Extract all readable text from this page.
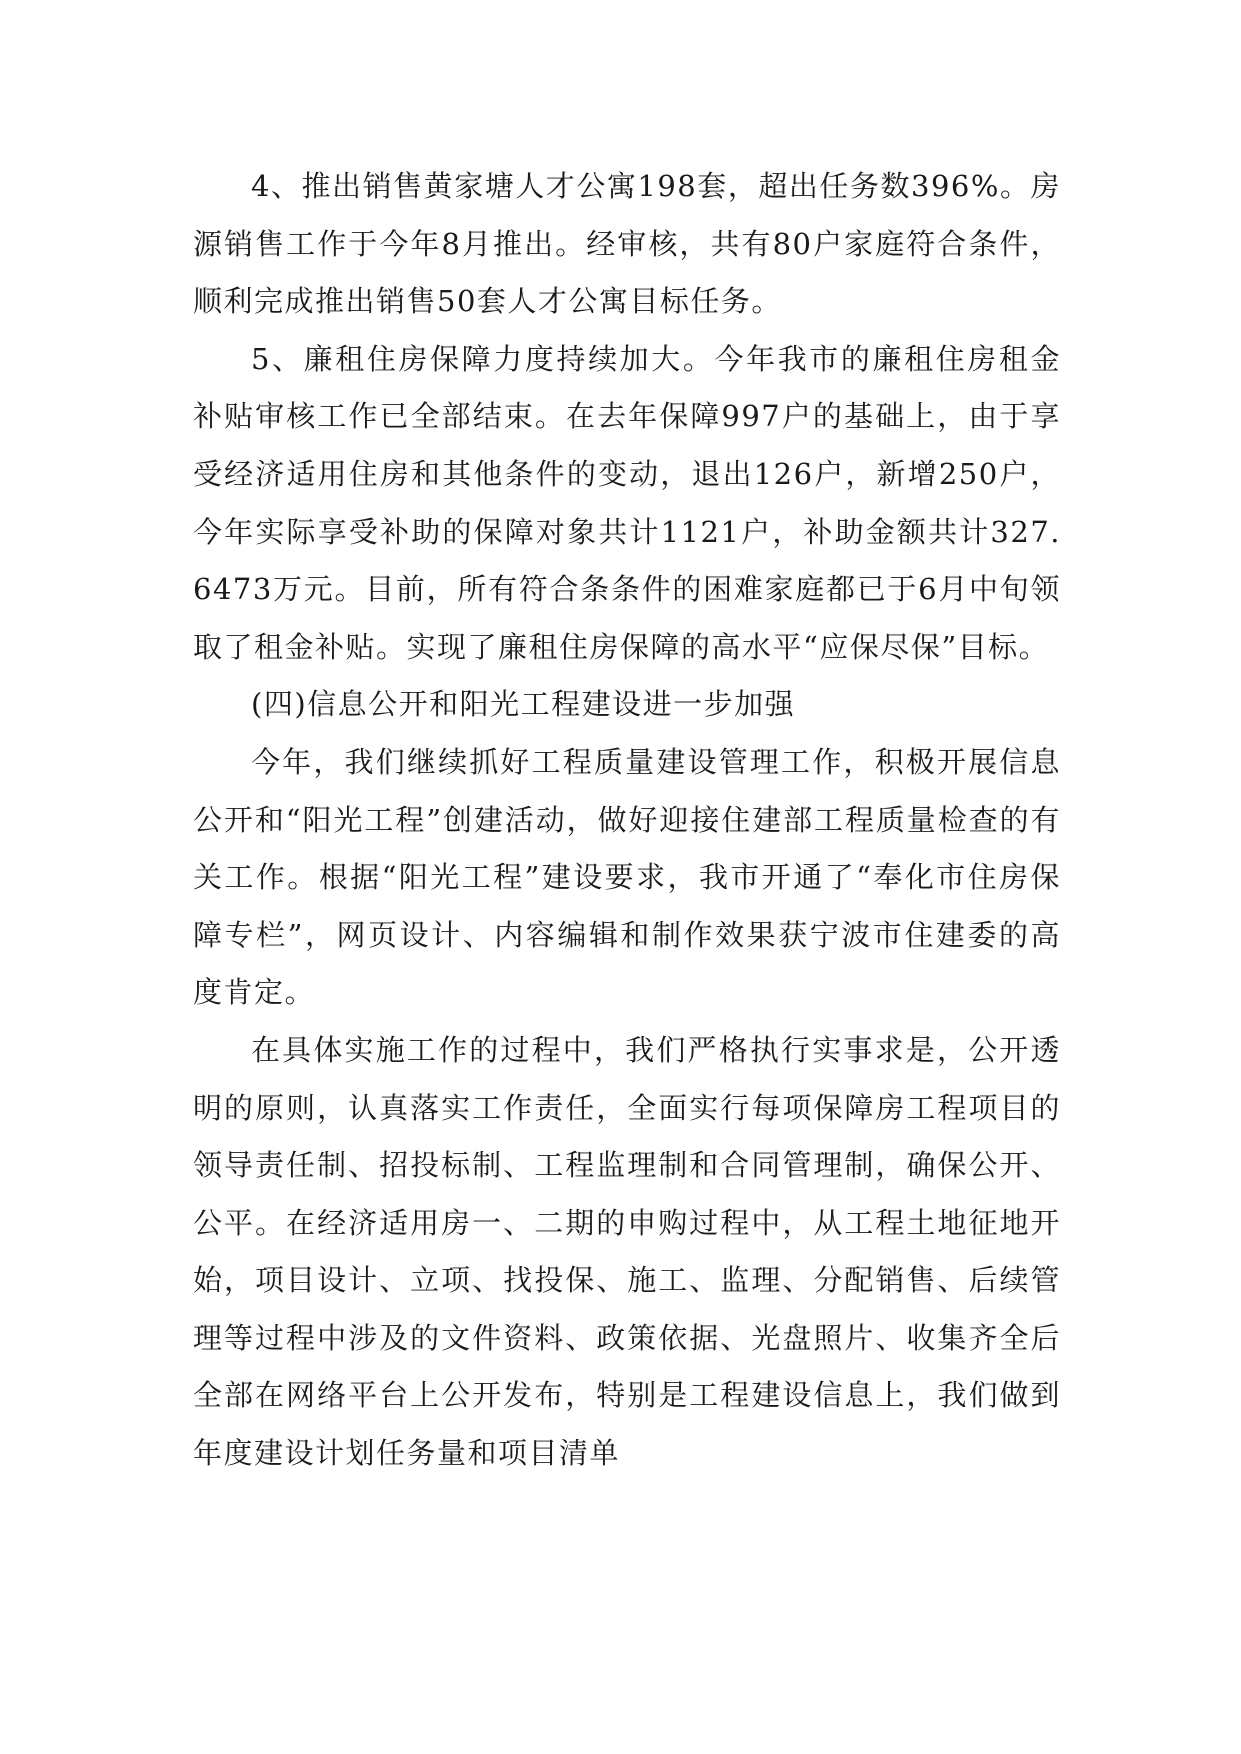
4、推出销售黄家塘人才公寓198套，超出任务数396%。房源销售工作于今年8月推出。经审核，共有80户家庭符合条件，顺利完成推出销售50套人才公寓目标任务。

5、廉租住房保障力度持续加大。今年我市的廉租住房租金补贴审核工作已全部结束。在去年保障997户的基础上，由于享受经济适用住房和其他条件的变动，退出126户，新增250户，今年实际享受补助的保障对象共计1121户，补助金额共计327.6473万元。目前，所有符合条条件的困难家庭都已于6月中旬领取了租金补贴。实现了廉租住房保障的高水平“应保尽保”目标。

(四)信息公开和阳光工程建设进一步加强

今年，我们继续抓好工程质量建设管理工作，积极开展信息公开和“阳光工程”创建活动，做好迎接住建部工程质量检查的有关工作。根据“阳光工程”建设要求，我市开通了“奉化市住房保障专栏”，网页设计、内容编辑和制作效果获宁波市住建委的高度肯定。

在具体实施工作的过程中，我们严格执行实事求是，公开透明的原则，认真落实工作责任，全面实行每项保障房工程项目的领导责任制、招投标制、工程监理制和合同管理制，确保公开、公平。在经济适用房一、二期的申购过程中，从工程土地征地开始，项目设计、立项、找投保、施工、监理、分配销售、后续管理等过程中涉及的文件资料、政策依据、光盘照片、收集齐全后全部在网络平台上公开发布，特别是工程建设信息上，我们做到年度建设计划任务量和项目清单
